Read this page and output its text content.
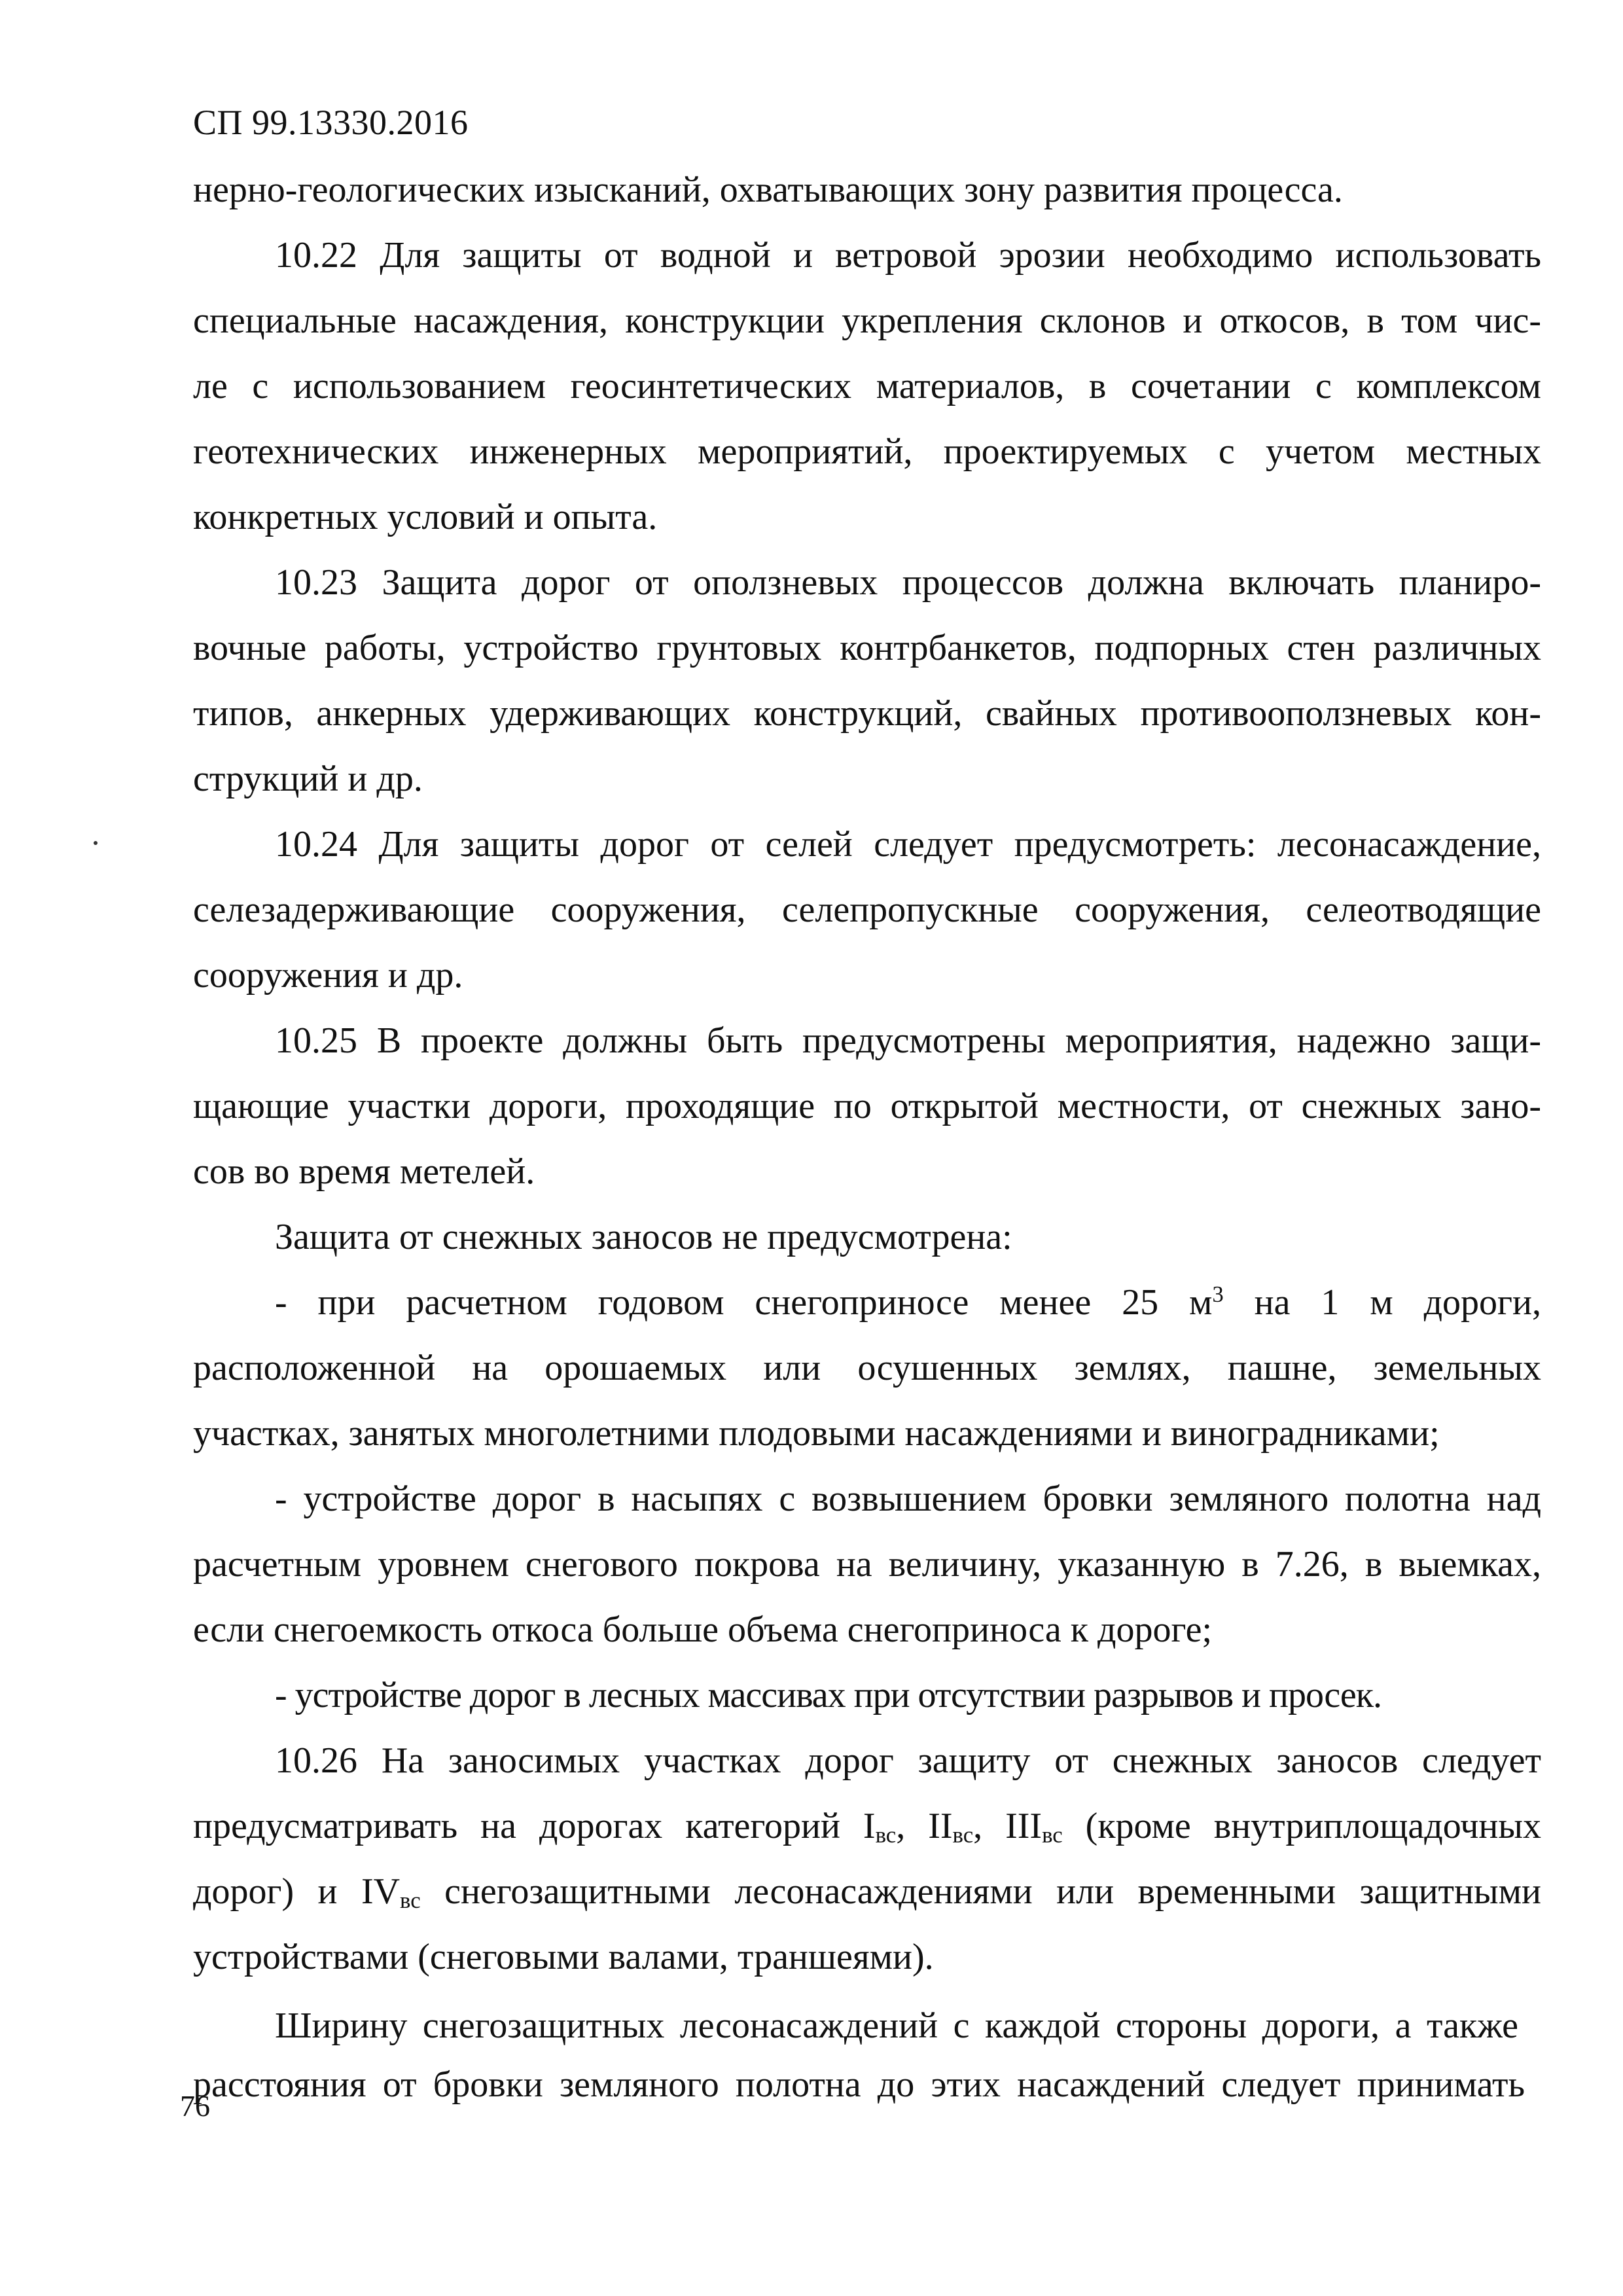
СП 99.13330.2016
нерно-геологических изысканий, охватывающих зону развития процесса.
10.22 Для защиты от водной и ветровой эрозии необходимо использовать
специальные насаждения, конструкции укрепления склонов и откосов, в том чис-
ле с использованием геосинтетических материалов, в сочетании с комплексом
геотехнических инженерных мероприятий, проектируемых с учетом местных
конкретных условий и опыта.
10.23 Защита дорог от оползневых процессов должна включать планиро-
вочные работы, устройство грунтовых контрбанкетов, подпорных стен различных
типов, анкерных удерживающих конструкций, свайных противооползневых кон-
струкций и др.
10.24 Для защиты дорог от селей следует предусмотреть: лесонасаждение,
селезадерживающие сооружения, селепропускные сооружения, селеотводящие
сооружения и др.
10.25 В проекте должны быть предусмотрены мероприятия, надежно защи-
щающие участки дороги, проходящие по открытой местности, от снежных зано-
сов во время метелей.
Защита от снежных заносов не предусмотрена:
- при расчетном годовом снегоприносе менее 25 $м^3$ на 1 м дороги,
расположенной на орошаемых или осушенных землях, пашне, земельных
участках, занятых многолетними плодовыми насаждениями и виноградниками;
- устройстве дорог в насыпях с возвышением бровки земляного полотна над
расчетным уровнем снегового покрова на величину, указанную в 7.26, в выемках,
если снегоемкость откоса больше объема снегоприноса к дороге;
- устройстве дорог в лесных массивах при отсутствии разрывов и просек.
10.26 На заносимых участках дорог защиту от снежных заносов следует
предусматривать на дорогах категорий $I_{вс}$, $II_{вс}$, $III_{вс}$ (кроме внутриплощадочных
дорог) и $IV_{вс}$ снегозащитными лесонасаждениями или временными защитными
устройствами (снеговыми валами, траншеями).
Ширину снегозащитных лесонасаждений с каждой стороны дороги, а также
расстояния от бровки земляного полотна до этих насаждений следует принимать
76
